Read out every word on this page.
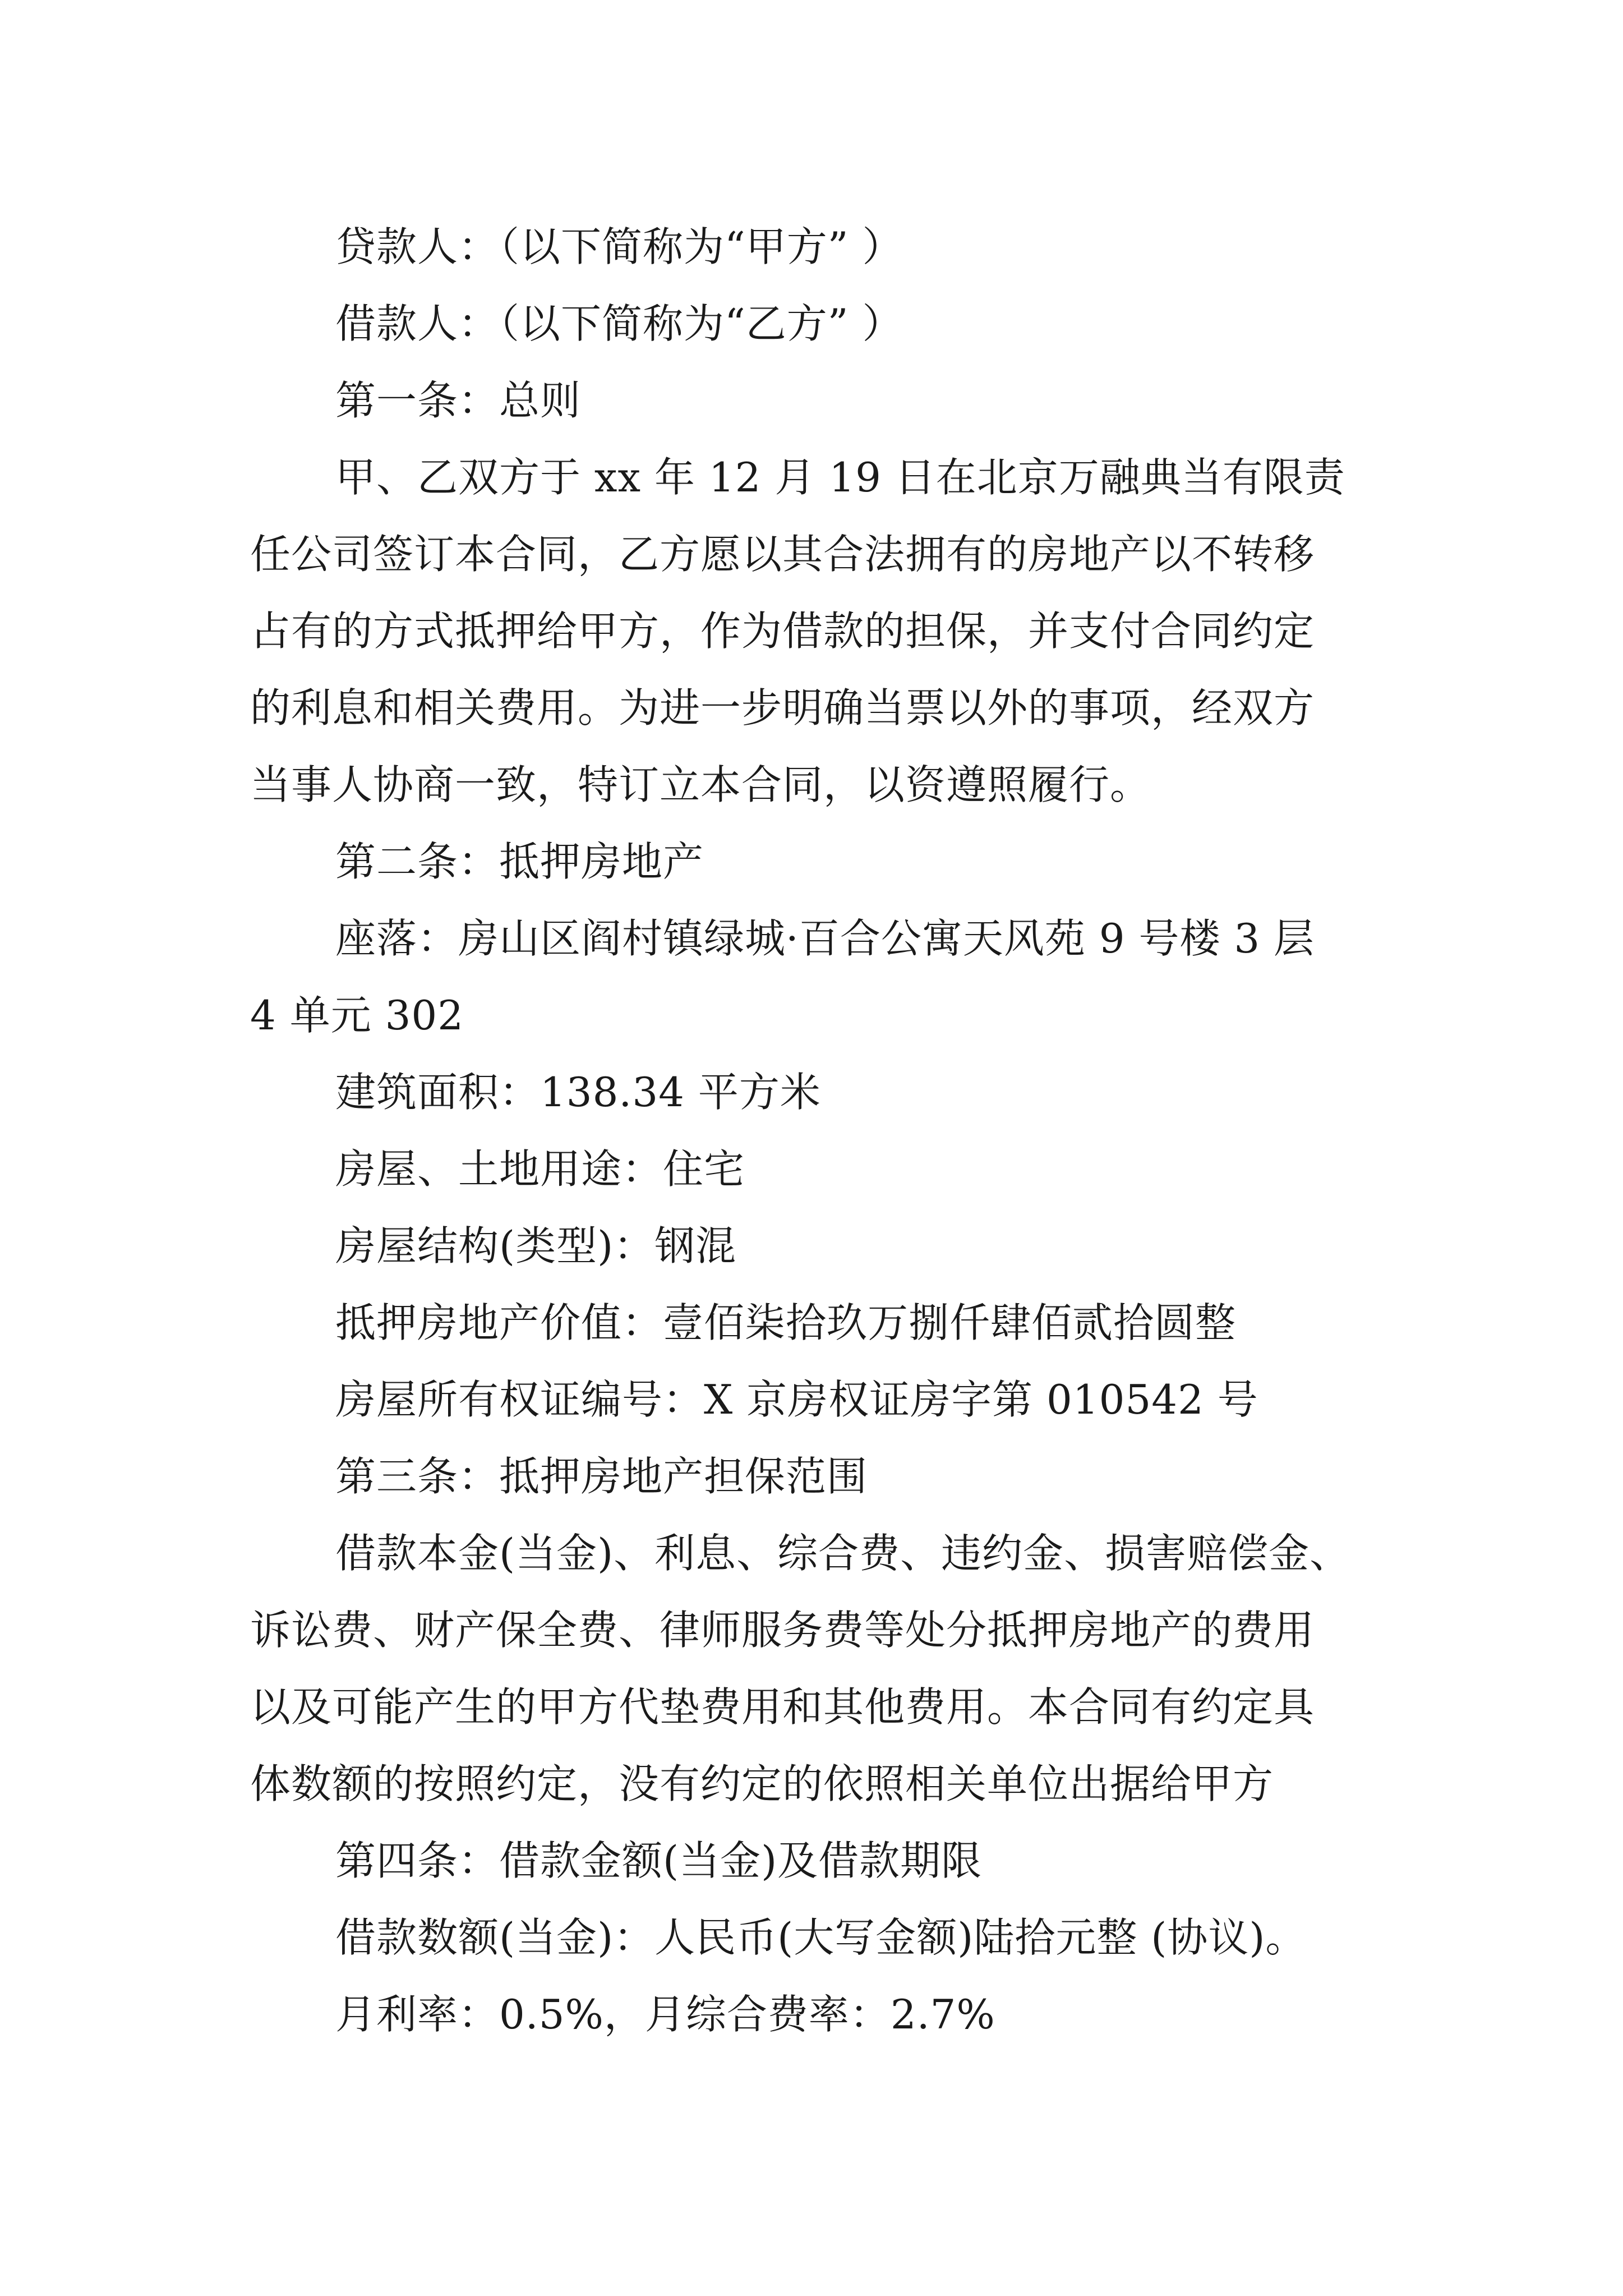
贷款人：（以下简称为“甲方” ）
借款人：（以下简称为“乙方” ）
第一条：总则
甲、乙双方于 xx 年 12 月 19 日在北京万融典当有限责
任公司签订本合同，乙方愿以其合法拥有的房地产以不转移
占有的方式抵押给甲方，作为借款的担保，并支付合同约定
的利息和相关费用。为进一步明确当票以外的事项，经双方
当事人协商一致，特订立本合同，以资遵照履行。
第二条：抵押房地产
座落：房山区阎村镇绿城·百合公寓天风苑 9 号楼 3 层
4 单元 302
建筑面积：138.34 平方米
房屋、土地用途：住宅
房屋结构(类型)：钢混
抵押房地产价值：壹佰柒拾玖万捌仟肆佰贰拾圆整
房屋所有权证编号：X 京房权证房字第 010542 号
第三条：抵押房地产担保范围
借款本金(当金)、利息、综合费、违约金、损害赔偿金、
诉讼费、财产保全费、律师服务费等处分抵押房地产的费用
以及可能产生的甲方代垫费用和其他费用。本合同有约定具
体数额的按照约定，没有约定的依照相关单位出据给甲方
第四条：借款金额(当金)及借款期限
借款数额(当金)：人民币(大写金额)陆拾元整 (协议)。
月利率：0.5%，月综合费率：2.7%
